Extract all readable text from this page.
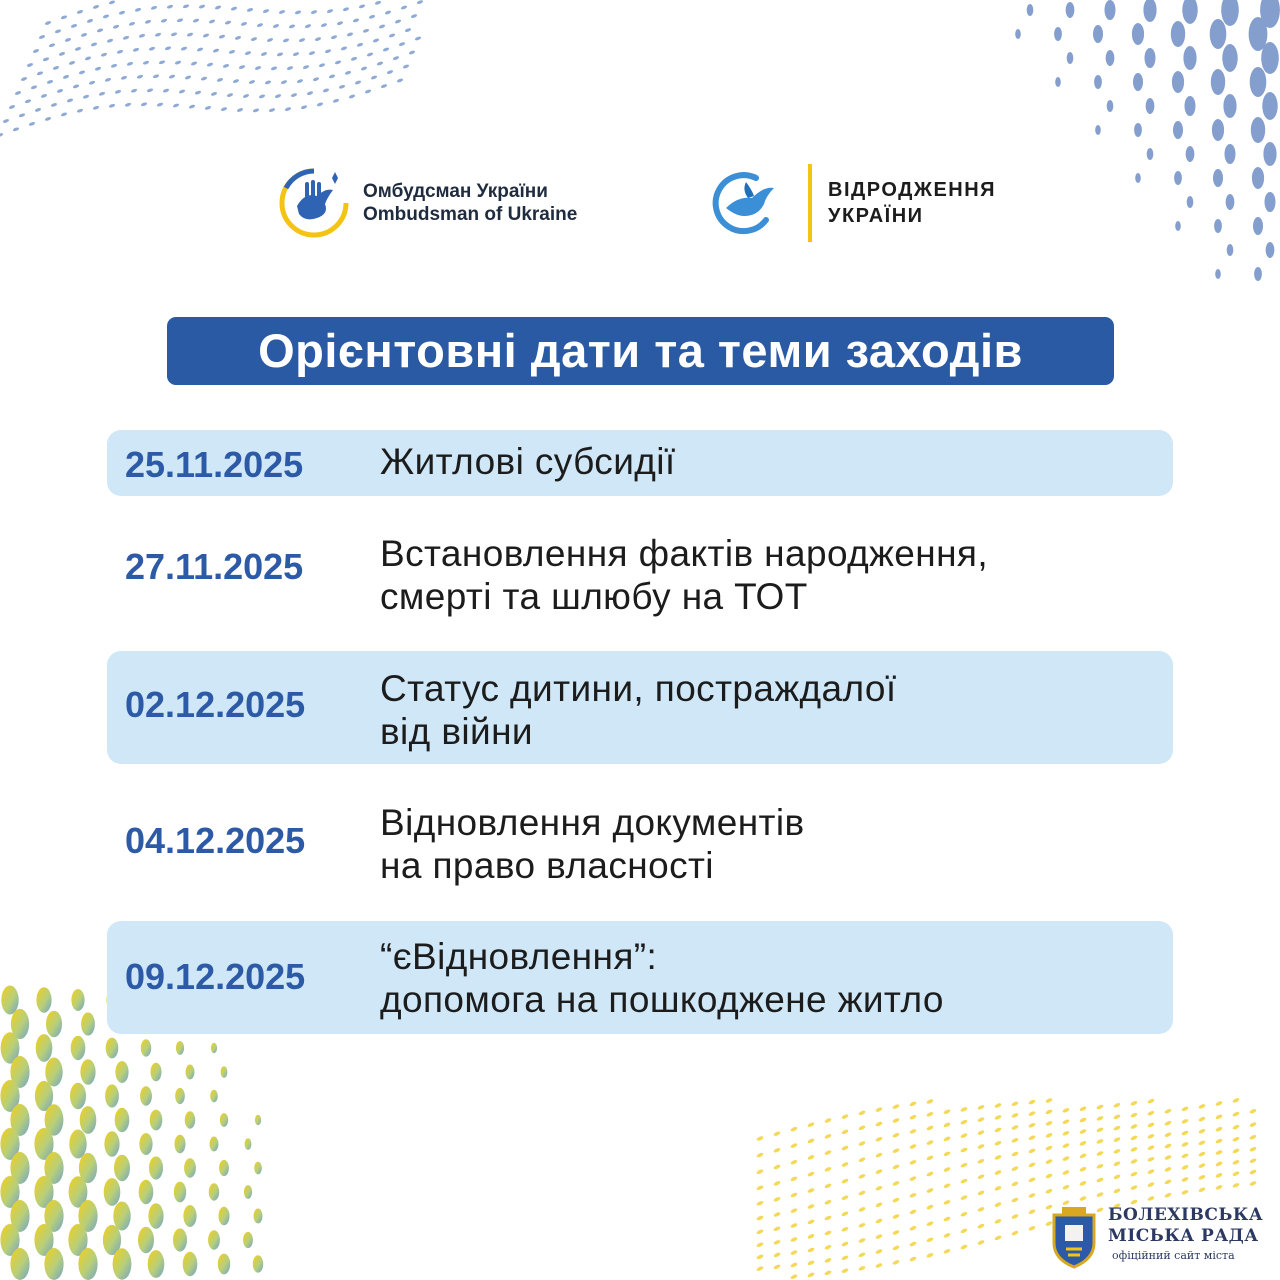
Омбудсман України
Ombudsman of Ukraine
ВІДРОДЖЕННЯ
УКРАЇНИ
Орієнтовні дати та теми заходів
25.11.2025 Житлові субсидії
27.11.2025 Встановлення фактів народження,
смерті та шлюбу на ТОТ
02.12.2025 Статус дитини, постраждалої
від війни
04.12.2025 Відновлення документів
на право власності
09.12.2025 “єВідновлення”:
допомога на пошкоджене житло
БОЛЕХІВСЬКА
МІСЬКА РАДА
офіційний сайт міста
